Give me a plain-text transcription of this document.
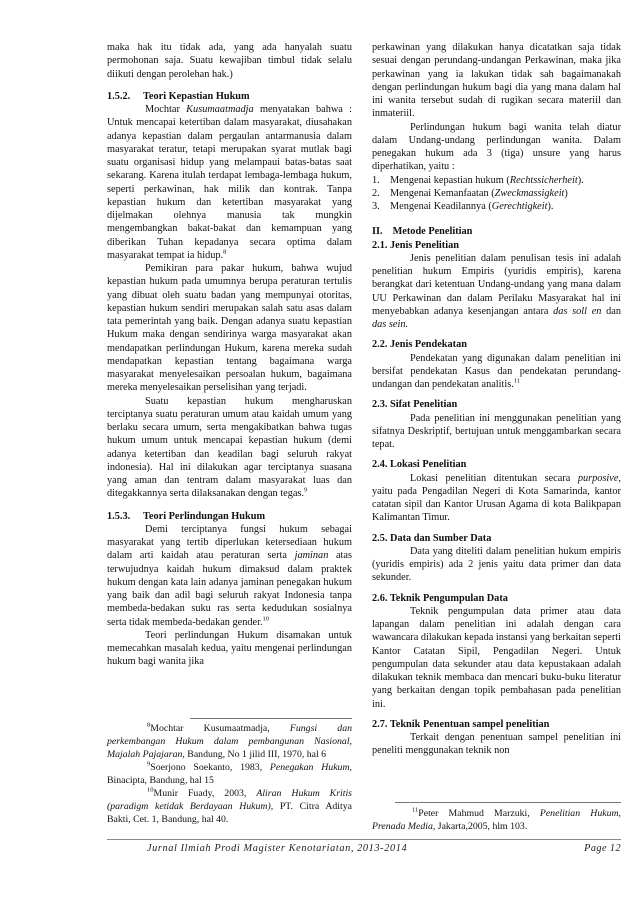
maka hak itu tidak ada, yang ada hanyalah suatu permohonan saja. Suatu kewajiban timbul tidak selalu diikuti dengan perolehan hak.)

1.5.2. Teori Kepastian Hukum

Mochtar Kusumaatmadja menyatakan bahwa : Untuk mencapai ketertiban dalam masyarakat, diusahakan adanya kepastian dalam pergaulan antarmanusia dalam masyarakat teratur, tetapi merupakan syarat mutlak bagi suatu organisasi hidup yang melampaui batas-batas saat sekarang. Karena itulah terdapat lembaga-lembaga hukum, seperti perkawinan, hak milik dan kontrak. Tanpa kepastian hukum dan ketertiban masyarakat yang dijelmakan olehnya manusia tak mungkin mengembangkan bakat-bakat dan kemampuan yang diberikan Tuhan kepadanya secara optima dalam masyarakat tempat ia hidup.$^8$

Pemikiran para pakar hukum, bahwa wujud kepastian hukum pada umumnya berupa peraturan tertulis yang dibuat oleh suatu badan yang mempunyai otoritas, kepastian hukum sendiri merupakan salah satu asas dalam tata pemerintah yang baik. Dengan adanya suatu kepastian Hukum maka dengan sendirinya warga masyarakat akan mendapatkan perlindungan Hukum, karena mereka sudah mendapatkan kepastian tentang bagaimana warga masyarakat menyelesaikan persoalan hukum, bagaimana mereka menyelesaikan perselisihan yang terjadi.

Suatu kepastian hukum mengharuskan terciptanya suatu peraturan umum atau kaidah umum yang berlaku secara umum, serta mengakibatkan bahwa tugas hukum umum untuk mencapai kepastian hukum (demi adanya ketertiban dan keadilan bagi seluruh rakyat indonesia). Hal ini dilakukan agar terciptanya suasana yang aman dan tentram dalam masyarakat luas dan ditegakkannya serta dilaksanakan dengan tegas.$^9$

1.5.3. Teori Perlindungan Hukum

Demi terciptanya fungsi hukum sebagai masyarakat yang tertib diperlukan ketersediaan hukum dalam arti kaidah atau peraturan serta jaminan atas terwujudnya kaidah hukum dimaksud dalam praktek hukum dengan kata lain adanya jaminan penegakan hukum yang baik dan adil bagi seluruh rakyat Indonesia tanpa membeda-bedakan suku ras serta kedudukan sosialnya serta tidak membeda-bedakan gender.$^{10}$

Teori perlindungan Hukum disamakan untuk memecahkan masalah kedua, yaitu mengenai perlindungan hukum bagi wanita jika

$^8$Mochtar Kusumaatmadja, Fungsi dan perkembangan Hukum dalam pembangunan Nasional, Majalah Pajajaran, Bandung, No 1 jilid III, 1970, hal 6

$^9$Soerjono Soekanto, 1983, Penegakan Hukum, Binacipta, Bandung, hal 15

$^{10}$Munir Fuady, 2003, Aliran Hukum Kritis (paradigm ketidak Berdayaan Hukum), PT. Citra Aditya Bakti, Cet. 1, Bandung, hal 40.

perkawinan yang dilakukan hanya dicatatkan saja tidak sesuai dengan perundang-undangan Perkawinan, maka jika perkawinan yang ia lakukan tidak sah bagaimanakah dengan perlindungan hukum bagi dia yang mana dalam hal ini wanita tersebut sudah di rugikan secara materiil dan inmateriil.

Perlindungan hukum bagi wanita telah diatur dalam Undang-undang perlindungan wanita. Dalam penegakan hukum ada 3 (tiga) unsure yang harus diperhatikan, yaitu :

1. Mengenai kepastian hukum (Rechtssicherheit).
2. Mengenai Kemanfaatan (Zweckmassigkeit)
3. Mengenai Keadilannya (Gerechtigkeit).

II. Metode Penelitian

2.1. Jenis Penelitian

Jenis penelitian dalam penulisan tesis ini adalah penelitian hukum Empiris (yuridis empiris), karena berangkat dari ketentuan Undang-undang yang mana dalam UU Perkawinan dan dalam Perilaku Masyarakat hal ini menyebabkan adanya kesenjangan antara das soll en dan das sein.

2.2. Jenis Pendekatan

Pendekatan yang digunakan dalam penelitian ini bersifat pendekatan Kasus dan pendekatan perundang-undangan dan pendekatan analitis.$^{11}$

2.3. Sifat Penelitian

Pada penelitian ini menggunakan penelitian yang sifatnya Deskriptif, bertujuan untuk menggambarkan secara tepat.

2.4. Lokasi Penelitian

Lokasi penelitian ditentukan secara purposive, yaitu pada Pengadilan Negeri di Kota Samarinda, kantor catatan sipil dan Kantor Urusan Agama di kota Balikpapan Kalimantan Timur.

2.5. Data dan Sumber Data

Data yang diteliti dalam penelitian hukum empiris (yuridis empiris) ada 2 jenis yaitu data primer dan data sekunder.

2.6. Teknik Pengumpulan Data

Teknik pengumpulan data primer atau data lapangan dalam penelitian ini adalah dengan cara wawancara dilakukan kepada instansi yang berkaitan seperti Kantor Catatan Sipil, Pengadilan Negeri. Untuk pengumpulan data sekunder atau data kepustakaan adalah dilakukan teknik membaca dan mencari buku-buku literatur yang berkaitan dengan topik pembahasan pada penelitian ini.

2.7. Teknik Penentuan sampel penelitian

Terkait dengan penentuan sampel penelitian ini peneliti menggunakan teknik non

$^{11}$Peter Mahmud Marzuki, Penelitian Hukum, Prenada Media, Jakarta,2005, hlm 103.

Jurnal Ilmiah Prodi Magister Kenotariatan, 2013-2014	Page 12
